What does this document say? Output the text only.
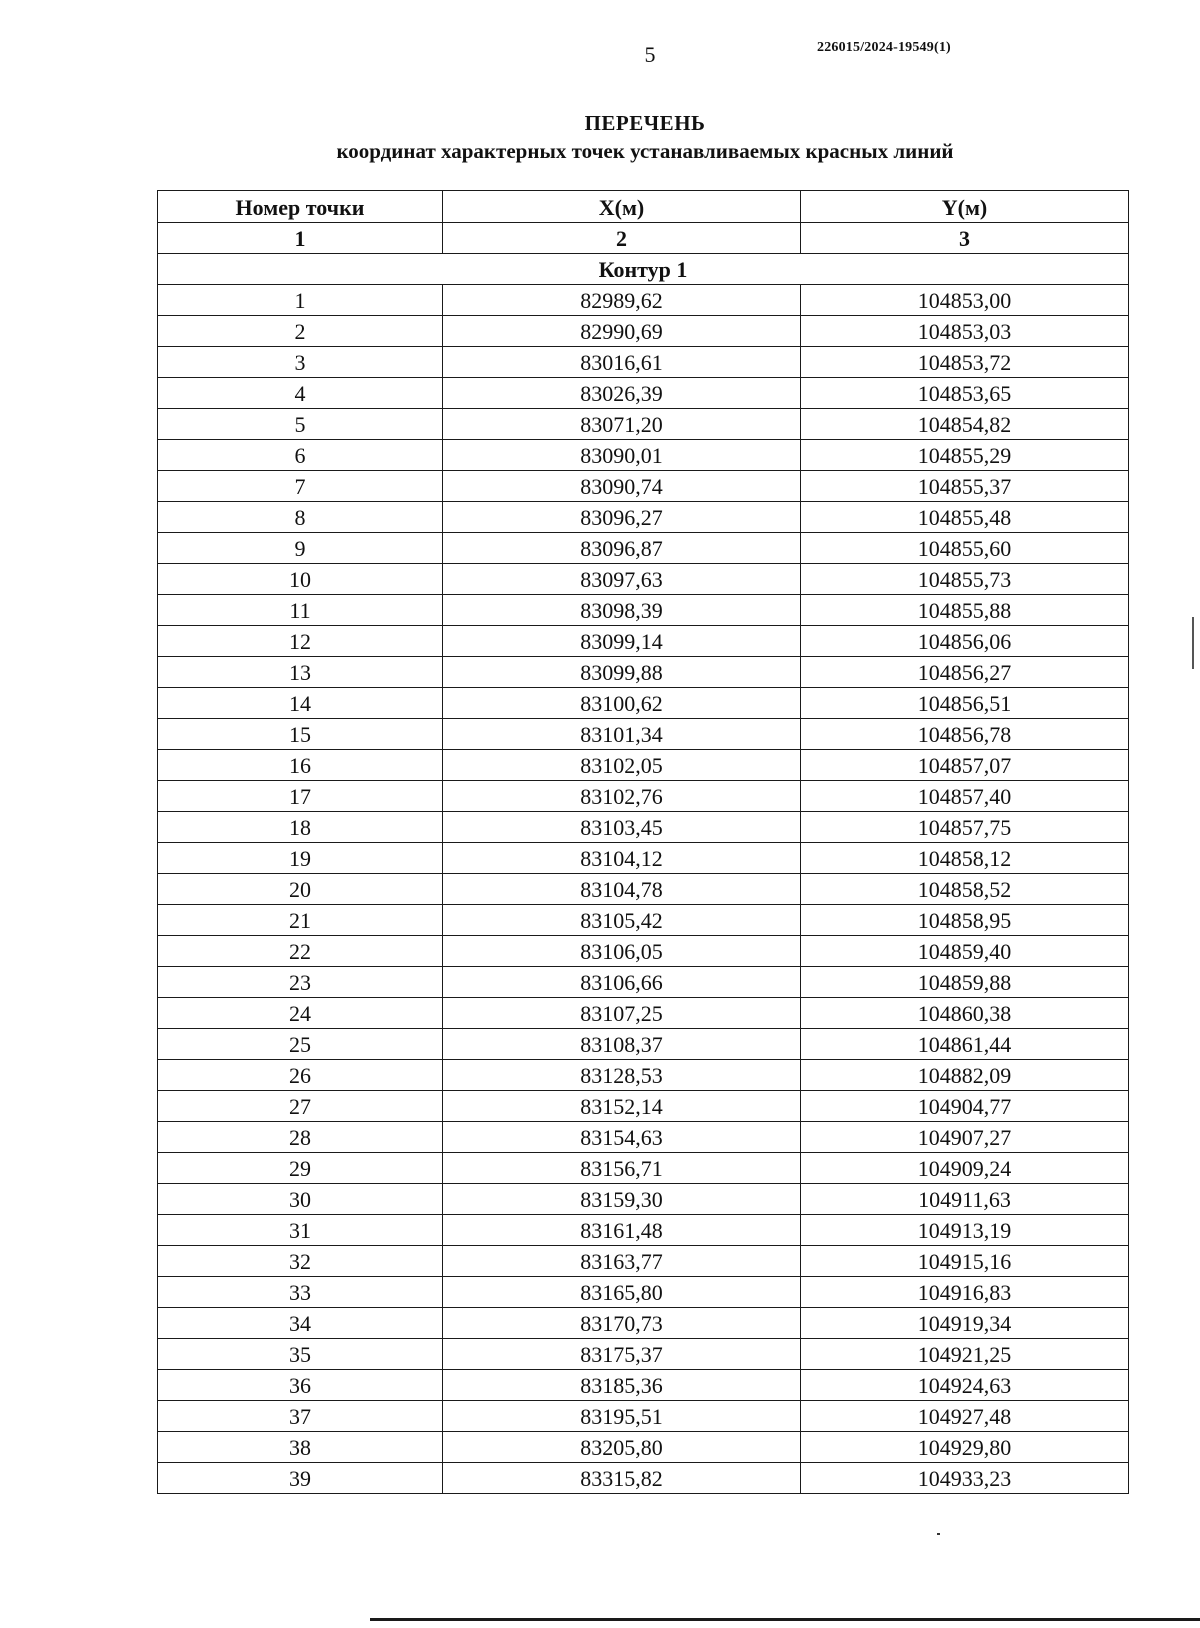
5	226015/2024-19549(1)
ПЕРЕЧЕНЬ
координат характерных точек устанавливаемых красных линий
Номер точки	X(м)	Y(м)
1	2	3
Контур 1		
1	82989,62	104853,00
2	82990,69	104853,03
3	83016,61	104853,72
4	83026,39	104853,65
5	83071,20	104854,82
6	83090,01	104855,29
7	83090,74	104855,37
8	83096,27	104855,48
9	83096,87	104855,60
10	83097,63	104855,73
11	83098,39	104855,88
12	83099,14	104856,06
13	83099,88	104856,27
14	83100,62	104856,51
15	83101,34	104856,78
16	83102,05	104857,07
17	83102,76	104857,40
18	83103,45	104857,75
19	83104,12	104858,12
20	83104,78	104858,52
21	83105,42	104858,95
22	83106,05	104859,40
23	83106,66	104859,88
24	83107,25	104860,38
25	83108,37	104861,44
26	83128,53	104882,09
27	83152,14	104904,77
28	83154,63	104907,27
29	83156,71	104909,24
30	83159,30	104911,63
31	83161,48	104913,19
32	83163,77	104915,16
33	83165,80	104916,83
34	83170,73	104919,34
35	83175,37	104921,25
36	83185,36	104924,63
37	83195,51	104927,48
38	83205,80	104929,80
39	83315,82	104933,23
